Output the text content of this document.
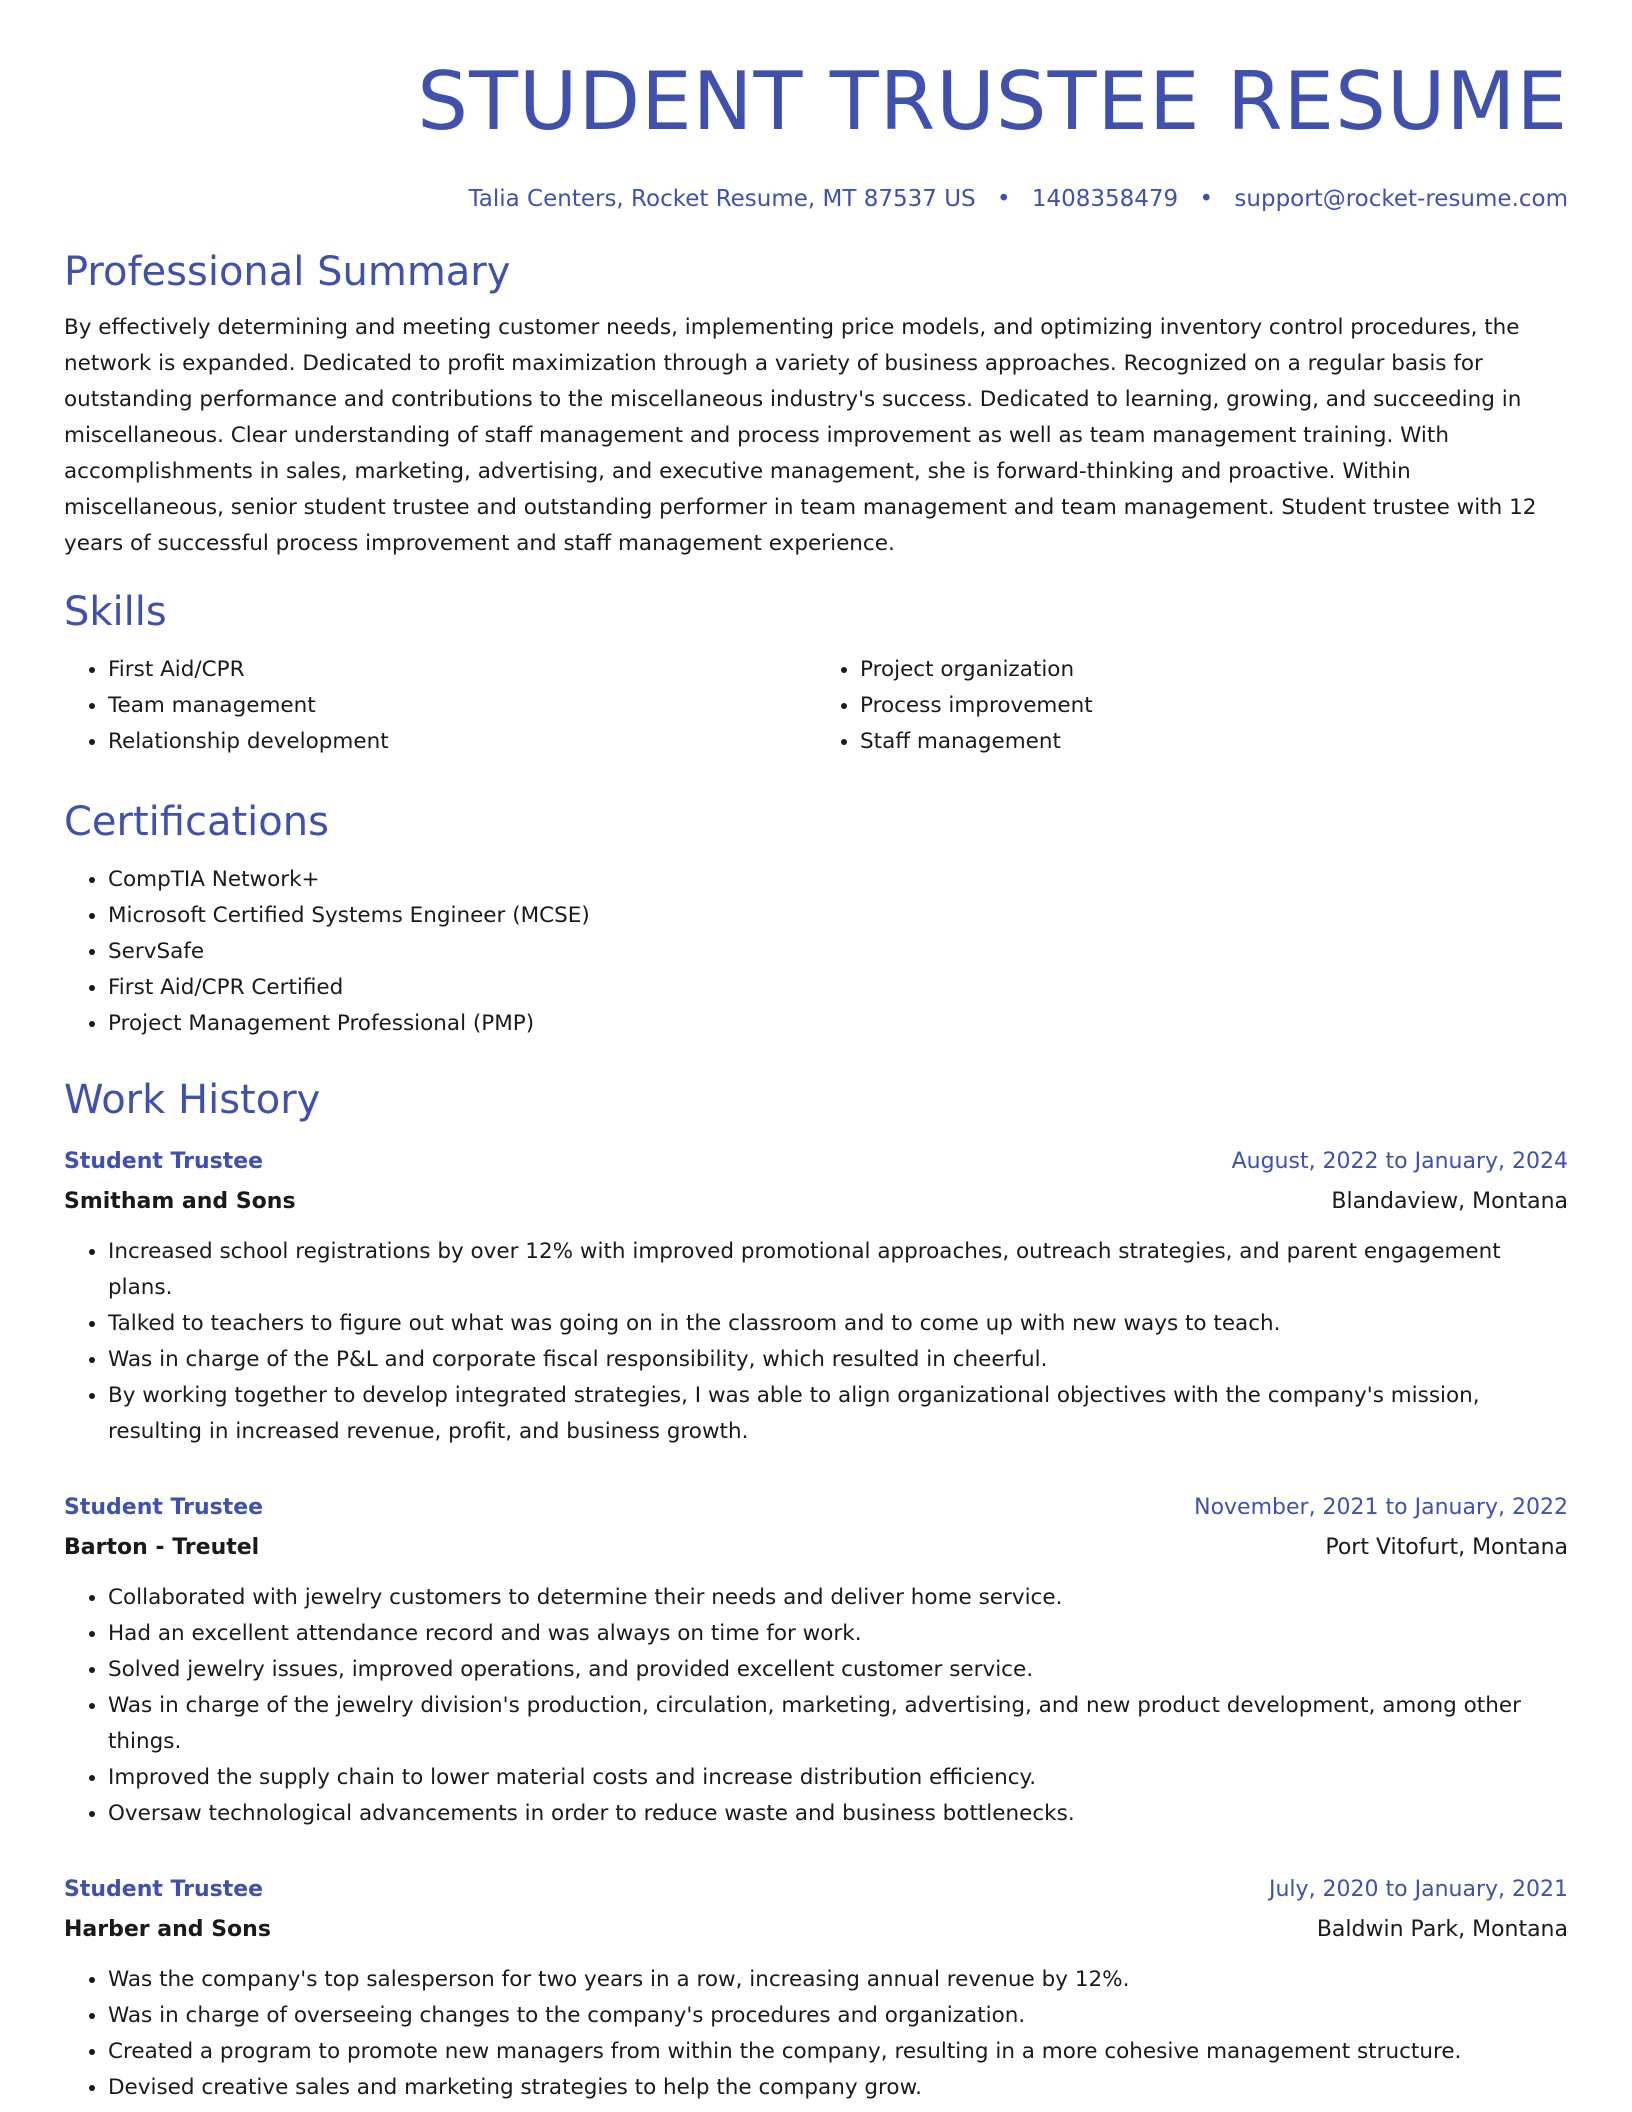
STUDENT TRUSTEE RESUME
Talia Centers, Rocket Resume, MT 87537 US • 1408358479 • support@rocket-resume.com
Professional Summary

By effectively determining and meeting customer needs, implementing price models, and optimizing inventory control procedures, the network is expanded. Dedicated to profit maximization through a variety of business approaches. Recognized on a regular basis for outstanding performance and contributions to the miscellaneous industry's success. Dedicated to learning, growing, and succeeding in miscellaneous. Clear understanding of staff management and process improvement as well as team management training. With accomplishments in sales, marketing, advertising, and executive management, she is forward-thinking and proactive. Within miscellaneous, senior student trustee and outstanding performer in team management and team management. Student trustee with 12 years of successful process improvement and staff management experience.

Skills
• First Aid/CPR
• Team management
• Relationship development
• Project organization
• Process improvement
• Staff management
Certifications
• CompTIA Network+
• Microsoft Certified Systems Engineer (MCSE)
• ServSafe
• First Aid/CPR Certified
• Project Management Professional (PMP)
Work History
Student Trustee	August, 2022 to January, 2024
Smitham and Sons	Blandaview, Montana
• Increased school registrations by over 12% with improved promotional approaches, outreach strategies, and parent engagement plans.
• Talked to teachers to figure out what was going on in the classroom and to come up with new ways to teach.
• Was in charge of the P&L and corporate fiscal responsibility, which resulted in cheerful.
• By working together to develop integrated strategies, I was able to align organizational objectives with the company's mission, resulting in increased revenue, profit, and business growth.
Student Trustee	November, 2021 to January, 2022
Barton - Treutel	Port Vitofurt, Montana
• Collaborated with jewelry customers to determine their needs and deliver home service.
• Had an excellent attendance record and was always on time for work.
• Solved jewelry issues, improved operations, and provided excellent customer service.
• Was in charge of the jewelry division's production, circulation, marketing, advertising, and new product development, among other things.
• Improved the supply chain to lower material costs and increase distribution efficiency.
• Oversaw technological advancements in order to reduce waste and business bottlenecks.
Student Trustee	July, 2020 to January, 2021
Harber and Sons	Baldwin Park, Montana
• Was the company's top salesperson for two years in a row, increasing annual revenue by 12%.
• Was in charge of overseeing changes to the company's procedures and organization.
• Created a program to promote new managers from within the company, resulting in a more cohesive management structure.
• Devised creative sales and marketing strategies to help the company grow.
